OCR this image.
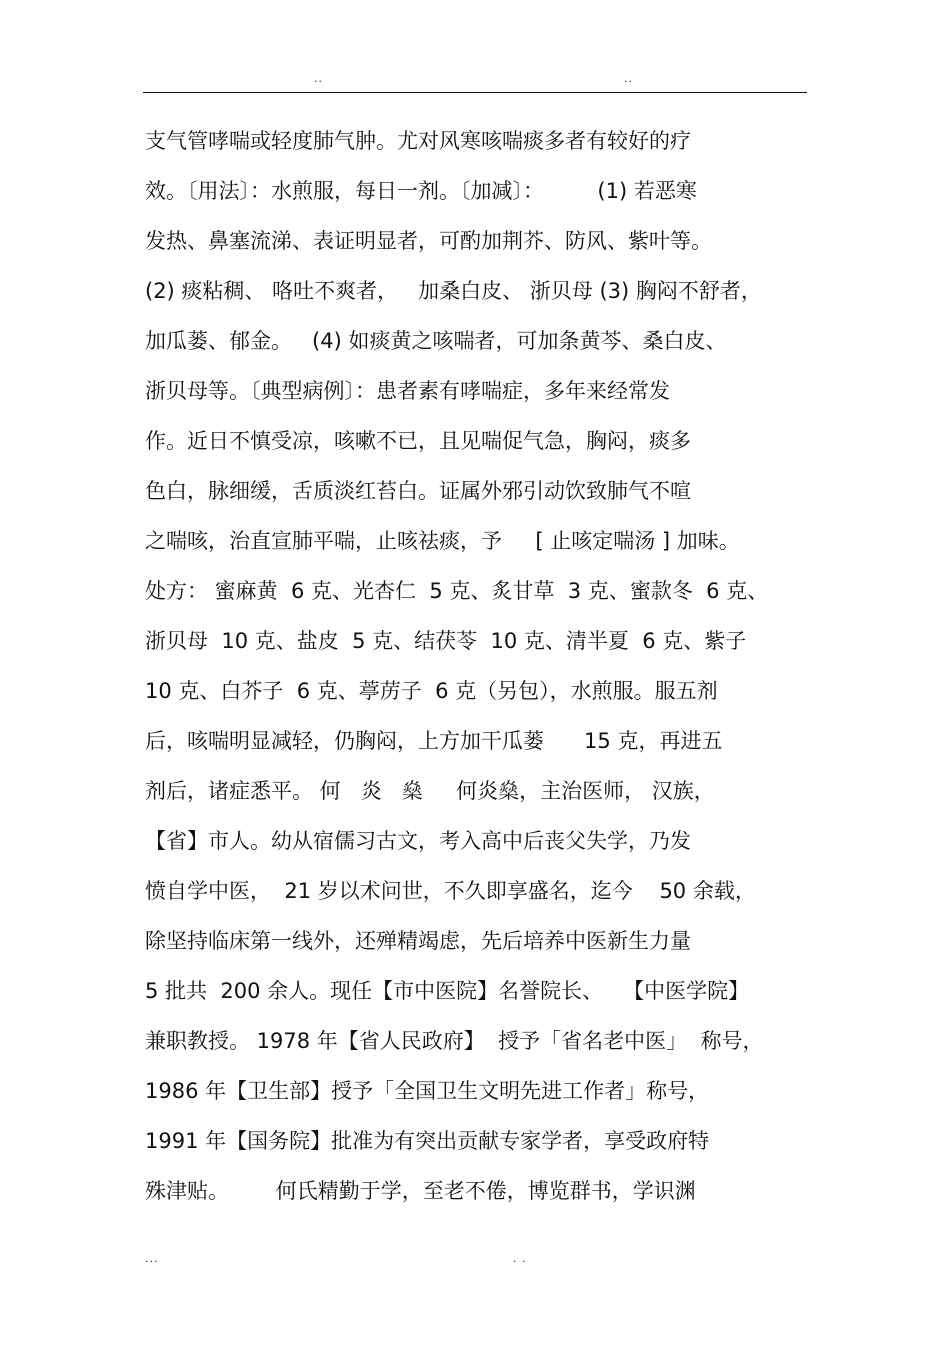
..	..
支气管哮喘或轻度肺气肿。尤对风寒咳喘痰多者有较好的疗
效。〔用法〕：水煎服，每日一剂。〔加减〕：        (1) 若恶寒
发热、鼻塞流涕、表证明显者，可酌加荆芥、防风、紫叶等。
(2) 痰粘稠、 咯吐不爽者，   加桑白皮、 浙贝母 (3) 胸闷不舒者，
加瓜蒌、郁金。   (4) 如痰黄之咳喘者，可加条黄芩、桑白皮、
浙贝母等。〔典型病例〕：患者素有哮喘症，多年来经常发
作。近日不慎受凉，咳嗽不已，且见喘促气急，胸闷，痰多
色白，脉细缓，舌质淡红苔白。证属外邪引动饮致肺气不喧
之喘咳，治直宣肺平喘，止咳祛痰，予     [ 止咳定喘汤 ] 加味。
处方： 蜜麻黄  6 克、光杏仁  5 克、炙甘草  3 克、蜜款冬  6 克、
浙贝母  10 克、盐皮  5 克、结茯苓  10 克、清半夏  6 克、紫子
10 克、白芥子  6 克、葶苈子  6 克（另包），水煎服。服五剂
后，咳喘明显减轻，仍胸闷，上方加干瓜蒌      15 克，再进五
剂后，诸症悉平。 何   炎   燊     何炎燊，主治医师， 汉族，
【省】市人。幼从宿儒习古文，考入高中后丧父失学，乃发
愤自学中医，  21 岁以术问世，不久即享盛名，迄今    50 余载，
除坚持临床第一线外，还殚精竭虑，先后培养中医新生力量
5 批共  200 余人。现任【市中医院】名誉院长、   【中医学院】
兼职教授。 1978 年【省人民政府】  授予「省名老中医」  称号，
1986 年【卫生部】授予「全国卫生文明先进工作者」称号，
1991 年【国务院】批准为有突出贡献专家学者，享受政府特
殊津贴。       何氏精勤于学，至老不倦，博览群书，学识渊
...	. .
